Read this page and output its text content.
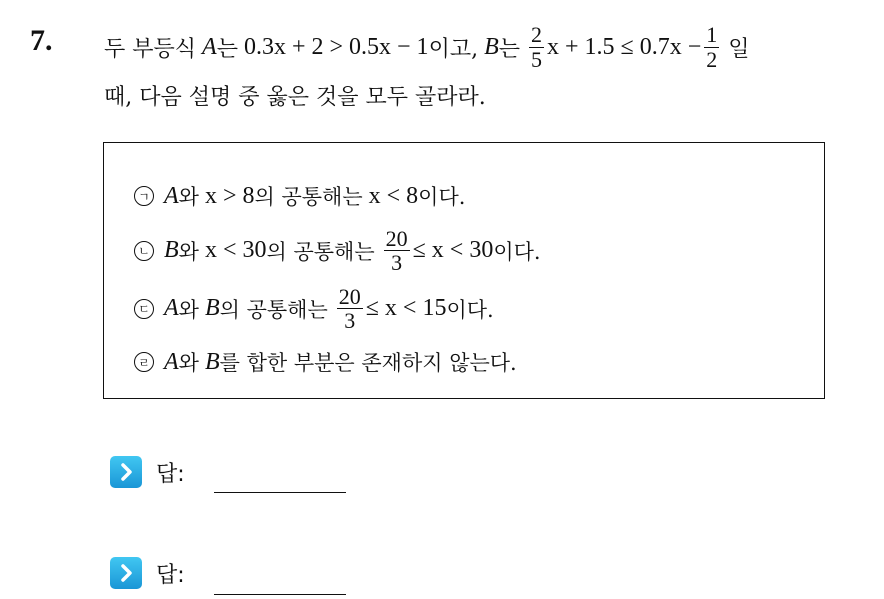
7. 두 부등식 A 는 0.3x + 2 > 0.5x − 1 이고, B 는 $\frac{2}{5}$ $x + 1.5 \le 0.7x - \frac{1}{2}$ 일
때, 다음 설명 중 옳은 것을 모두 골라라.
ㄱ A 와 x > 8 의 공통해는 x < 8 이다.
ㄴ B 와 x < 30 의 공통해는 $\frac{20}{3} \le x < 30$ 이다.
ㄷ A 와 B 의 공통해는 $\frac{20}{3} \le x < 15$ 이다.
ㄹ A 와 B 를 합한 부분은 존재하지 않는다.
답:
답:
